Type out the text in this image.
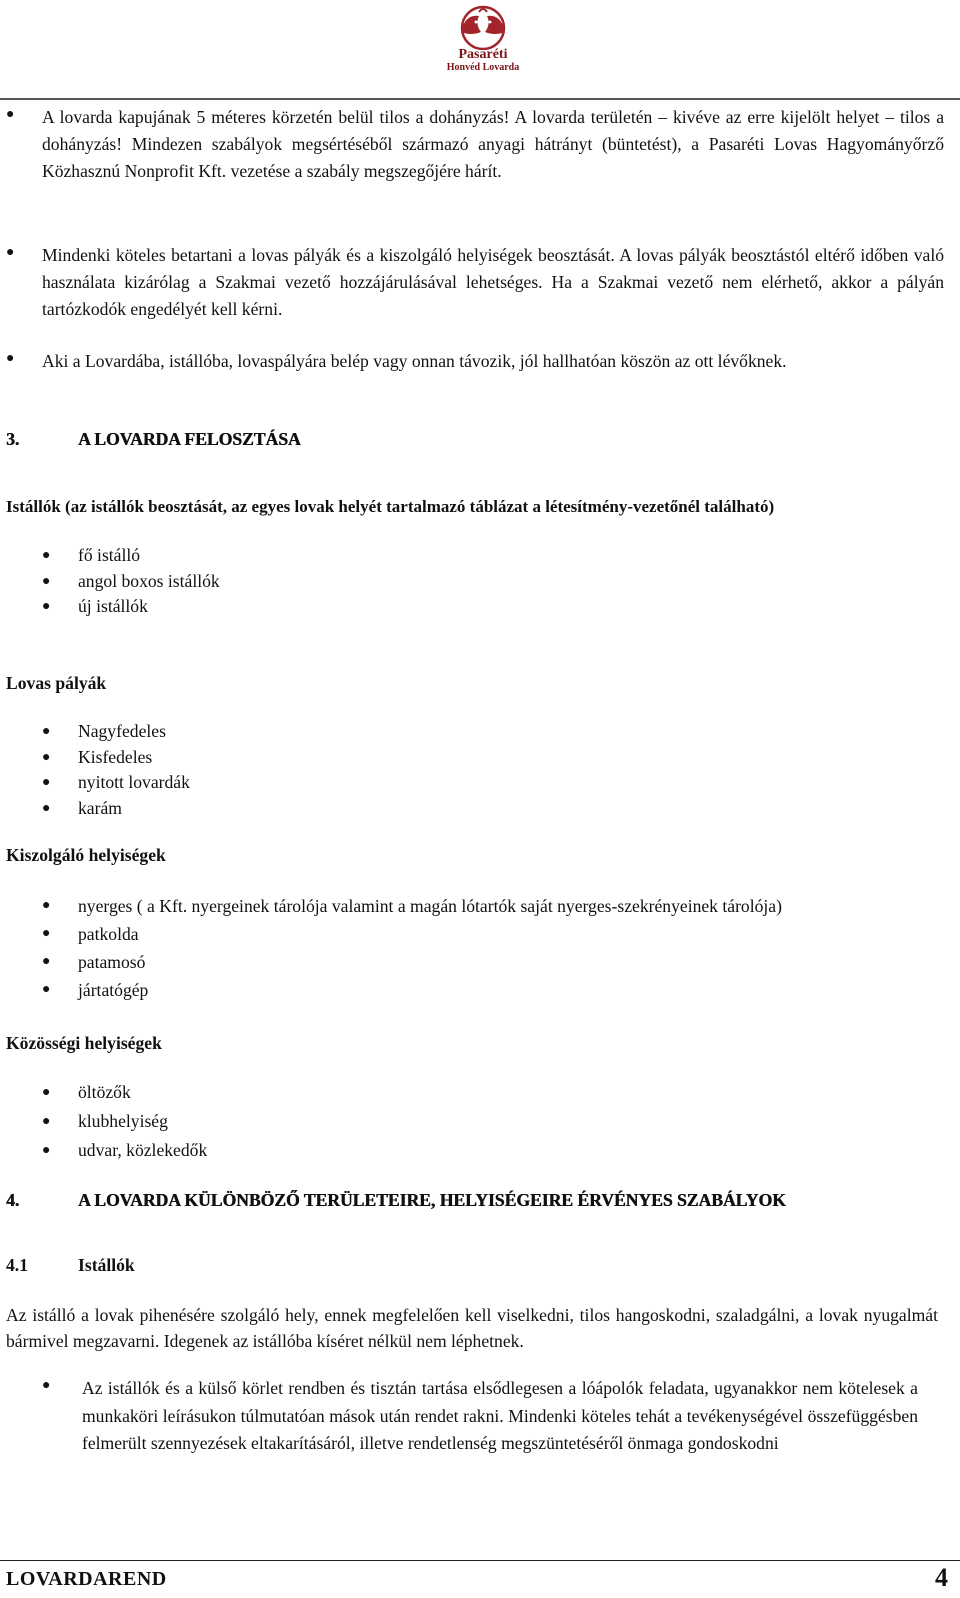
Pasaréti
Honvéd Lovarda
● A lovarda kapujának 5 méteres körzetén belül tilos a dohányzás! A lovarda területén – kivéve az erre kijelölt helyet – tilos a dohányzás! Mindezen szabályok megsértéséből származó anyagi hátrányt (büntetést), a Pasaréti Lovas Hagyományőrző Közhasznú Nonprofit Kft. vezetése a szabály megszegőjére hárít.
● Mindenki köteles betartani a lovas pályák és a kiszolgáló helyiségek beosztását. A lovas pályák beosztástól eltérő időben való használata kizárólag a Szakmai vezető hozzájárulásával lehetséges. Ha a Szakmai vezető nem elérhető, akkor a pályán tartózkodók engedélyét kell kérni.
● Aki a Lovardába, istállóba, lovaspályára belép vagy onnan távozik, jól hallhatóan köszön az ott lévőknek.
3.	A LOVARDA FELOSZTÁSA
Istállók (az istállók beosztását, az egyes lovak helyét tartalmazó táblázat a létesítmény-vezetőnél található)
● fő istálló
● angol boxos istállók
● új istállók
Lovas pályák
● Nagyfedeles
● Kisfedeles
● nyitott lovardák
● karám
Kiszolgáló helyiségek
● nyerges ( a Kft. nyergeinek tárolója valamint a magán lótartók saját nyerges-szekrényeinek tárolója)
● patkolda
● patamosó
● jártatógép
Közösségi helyiségek
● öltözők
● klubhelyiség
● udvar, közlekedők
4.	A LOVARDA KÜLÖNBÖZŐ TERÜLETEIRE, HELYISÉGEIRE ÉRVÉNYES SZABÁLYOK
4.1	Istállók
Az istálló a lovak pihenésére szolgáló hely, ennek megfelelően kell viselkedni, tilos hangoskodni, szaladgálni, a lovak nyugalmát bármivel megzavarni. Idegenek az istállóba kíséret nélkül nem léphetnek.
● Az istállók és a külső körlet rendben és tisztán tartása elsődlegesen a lóápolók feladata, ugyanakkor nem kötelesek a munkaköri leírásukon túlmutatóan mások után rendet rakni. Mindenki köteles tehát a tevékenységével összefüggésben felmerült szennyezések eltakarításáról, illetve rendetlenség megszüntetéséről önmaga gondoskodni
LOVARDAREND	4
